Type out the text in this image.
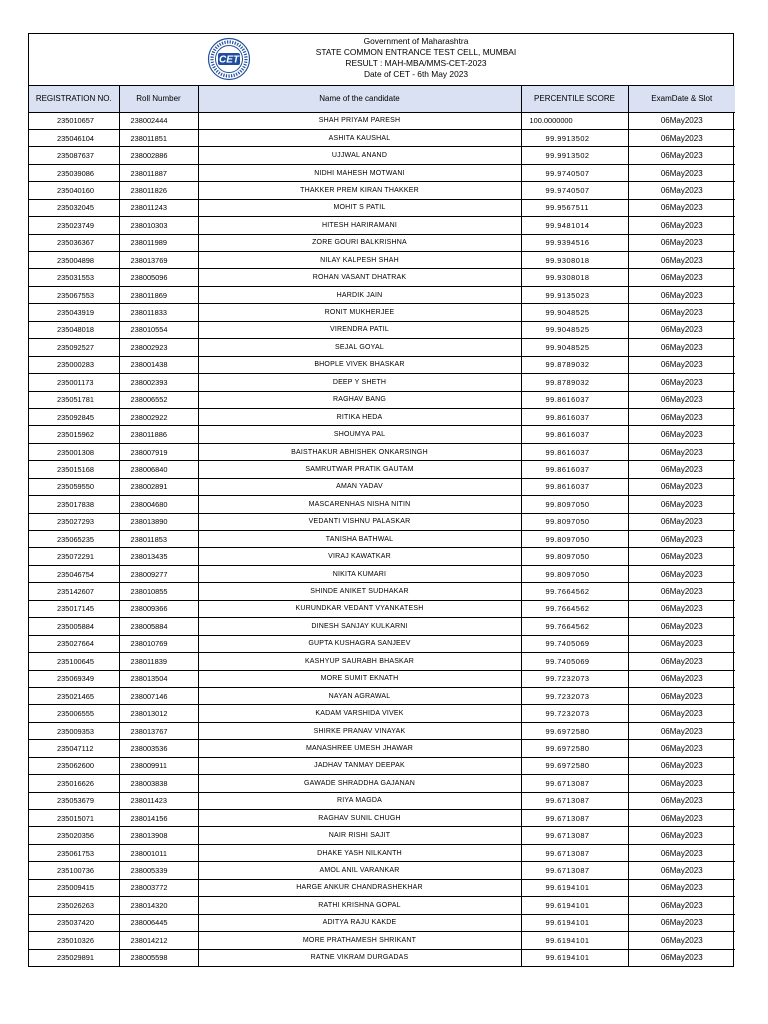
CET
Government of Maharashtra
STATE COMMON ENTRANCE TEST CELL, MUMBAI
RESULT : MAH-MBA/MMS-CET-2023
Date of CET - 6th May 2023
REGISTRATION NO.	Roll Number	Name of the candidate	PERCENTILE SCORE	ExamDate & Slot
235010657	238002444	SHAH PRIYAM PARESH	100.0000000	06May2023
235046104	238011851	ASHITA KAUSHAL	99.9913502	06May2023
235087637	238002886	UJJWAL ANAND	99.9913502	06May2023
235039086	238011887	NIDHI MAHESH MOTWANI	99.9740507	06May2023
235040160	238011826	THAKKER PREM KIRAN THAKKER	99.9740507	06May2023
235032045	238011243	MOHIT S PATIL	99.9567511	06May2023
235023749	238010303	HITESH HARIRAMANI	99.9481014	06May2023
235036367	238011989	ZORE GOURI BALKRISHNA	99.9394516	06May2023
235004898	238013769	NILAY KALPESH SHAH	99.9308018	06May2023
235031553	238005096	ROHAN VASANT DHATRAK	99.9308018	06May2023
235067553	238011869	HARDIK JAIN	99.9135023	06May2023
235043919	238011833	RONIT MUKHERJEE	99.9048525	06May2023
235048018	238010554	VIRENDRA PATIL	99.9048525	06May2023
235092527	238002923	SEJAL GOYAL	99.9048525	06May2023
235000283	238001438	BHOPLE VIVEK BHASKAR	99.8789032	06May2023
235001173	238002393	DEEP Y SHETH	99.8789032	06May2023
235051781	238006552	RAGHAV BANG	99.8616037	06May2023
235092845	238002922	RITIKA HEDA	99.8616037	06May2023
235015962	238011886	SHOUMYA PAL	99.8616037	06May2023
235001308	238007919	BAISTHAKUR ABHISHEK ONKARSINGH	99.8616037	06May2023
235015168	238006840	SAMRUTWAR PRATIK GAUTAM	99.8616037	06May2023
235059550	238002891	AMAN YADAV	99.8616037	06May2023
235017838	238004680	MASCARENHAS NISHA NITIN	99.8097050	06May2023
235027293	238013890	VEDANTI VISHNU PALASKAR	99.8097050	06May2023
235065235	238011853	TANISHA BATHWAL	99.8097050	06May2023
235072291	238013435	VIRAJ KAWATKAR	99.8097050	06May2023
235046754	238009277	NIKITA KUMARI	99.8097050	06May2023
235142607	238010855	SHINDE ANIKET SUDHAKAR	99.7664562	06May2023
235017145	238009366	KURUNDKAR VEDANT VYANKATESH	99.7664562	06May2023
235005884	238005884	DINESH SANJAY KULKARNI	99.7664562	06May2023
235027664	238010769	GUPTA KUSHAGRA SANJEEV	99.7405069	06May2023
235100645	238011839	KASHYUP SAURABH BHASKAR	99.7405069	06May2023
235069349	238013504	MORE SUMIT EKNATH	99.7232073	06May2023
235021465	238007146	NAYAN AGRAWAL	99.7232073	06May2023
235006555	238013012	KADAM VARSHIDA VIVEK	99.7232073	06May2023
235009353	238013767	SHIRKE PRANAV VINAYAK	99.6972580	06May2023
235047112	238003536	MANASHREE UMESH JHAWAR	99.6972580	06May2023
235062600	238009911	JADHAV TANMAY DEEPAK	99.6972580	06May2023
235016626	238003838	GAWADE SHRADDHA GAJANAN	99.6713087	06May2023
235053679	238011423	RIYA MAGDA	99.6713087	06May2023
235015071	238014156	RAGHAV SUNIL CHUGH	99.6713087	06May2023
235020356	238013908	NAIR RISHI SAJIT	99.6713087	06May2023
235061753	238001011	DHAKE YASH NILKANTH	99.6713087	06May2023
235100736	238005339	AMOL ANIL VARANKAR	99.6713087	06May2023
235009415	238003772	HARGE ANKUR CHANDRASHEKHAR	99.6194101	06May2023
235026263	238014320	RATHI KRISHNA GOPAL	99.6194101	06May2023
235037420	238006445	ADITYA RAJU KAKDE	99.6194101	06May2023
235010326	238014212	MORE PRATHAMESH SHRIKANT	99.6194101	06May2023
235029891	238005598	RATNE VIKRAM DURGADAS	99.6194101	06May2023
